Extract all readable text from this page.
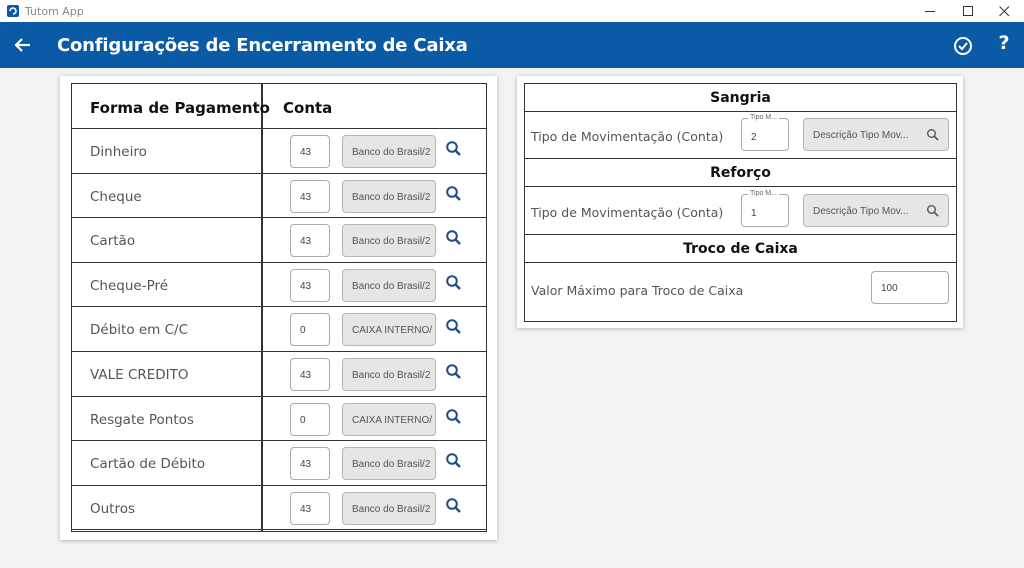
Tutom App
Configurações de Encerramento de Caixa	?
Forma de Pagamento Conta
Dinheiro	43	Banco do Brasil/2
Cheque	43	Banco do Brasil/2
Cartão	43	Banco do Brasil/2
Cheque-Pré	43	Banco do Brasil/2
Débito em C/C	0	CAIXA INTERNO/
VALE CREDITO	43	Banco do Brasil/2
Resgate Pontos	0	CAIXA INTERNO/
Cartão de Débito	43	Banco do Brasil/2
Outros	43	Banco do Brasil/2
Sangria
Tipo de Movimentação (Conta)
Tipo M...
2	Descrição Tipo Mov...
Reforço
Tipo de Movimentação (Conta)
Tipo M...
1	Descrição Tipo Mov...
Troco de Caixa
Valor Máximo para Troco de Caixa	100
